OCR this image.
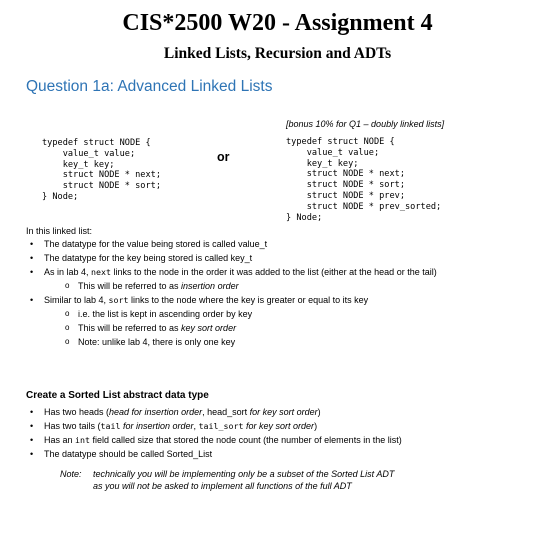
CIS*2500 W20 - Assignment 4
Linked Lists, Recursion and ADTs
Question 1a: Advanced Linked Lists
typedef struct NODE {
value_t value;
key_t key;
struct NODE * next;
struct NODE * sort;
} Node;
or
[bonus 10% for Q1 – doubly linked lists]
typedef struct NODE {
value_t value;
key_t key;
struct NODE * next;
struct NODE * sort;
struct NODE * prev;
struct NODE * prev_sorted;
} Node;
In this linked list:
• The datatype for the value being stored is called value_t
• The datatype for the key being stored is called key_t
• As in lab 4, next links to the node in the order it was added to the list (either at the head or the tail)
o This will be referred to as insertion order
• Similar to lab 4, sort links to the node where the key is greater or equal to its key
o i.e. the list is kept in ascending order by key
o This will be referred to as key sort order
o Note: unlike lab 4, there is only one key
Create a Sorted List abstract data type
• Has two heads (head for insertion order, head_sort for key sort order)
• Has two tails (tail for insertion order, tail_sort for key sort order)
• Has an int field called size that stored the node count (the number of elements in the list)
• The datatype should be called Sorted_List
Note: technically you will be implementing only be a subset of the Sorted List ADT
as you will not be asked to implement all functions of the full ADT
